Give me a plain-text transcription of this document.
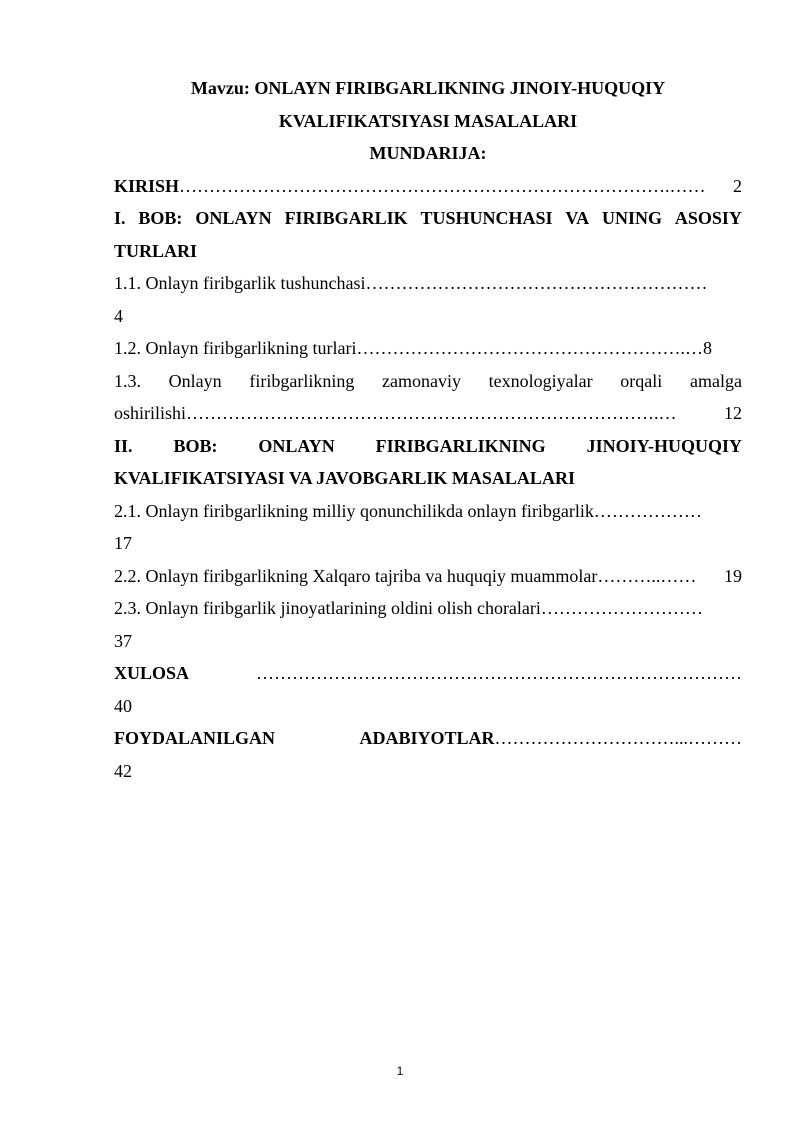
Mavzu: ONLAYN FIRIBGARLIKNING JINOIY-HUQUQIY
KVALIFIKATSIYASI MASALALARI
MUNDARIJA:
KIRISH……………………………………………………………………….……	2
I. BOB: ONLAYN FIRIBGARLIK TUSHUNCHASI VA UNING ASOSIY
TURLARI
1.1. Onlayn firibgarlik tushunchasi…………………………………………………
4
1.2. Onlayn firibgarlikning turlari ……………………………………………….… 8
1.3. Onlayn firibgarlikning zamonaviy texnologiyalar orqali amalga
oshirilishi…………………………………………………………………….…	12
II. BOB: ONLAYN FIRIBGARLIKNING JINOIY-HUQUQIY
KVALIFIKATSIYASI VA JAVOBGARLIK MASALALARI
2.1. Onlayn firibgarlikning milliy qonunchilikda onlayn firibgarlik………………
17
2.2. Onlayn firibgarlikning Xalqaro tajriba va huquqiy muammolar………..……	19
2.3. Onlayn firibgarlik jinoyatlarining oldini olish choralari………………………
37
XULOSA	………………………………………………………………………
40
FOYDALANILGAN	ADABIYOTLAR…………………………...………
42
1
